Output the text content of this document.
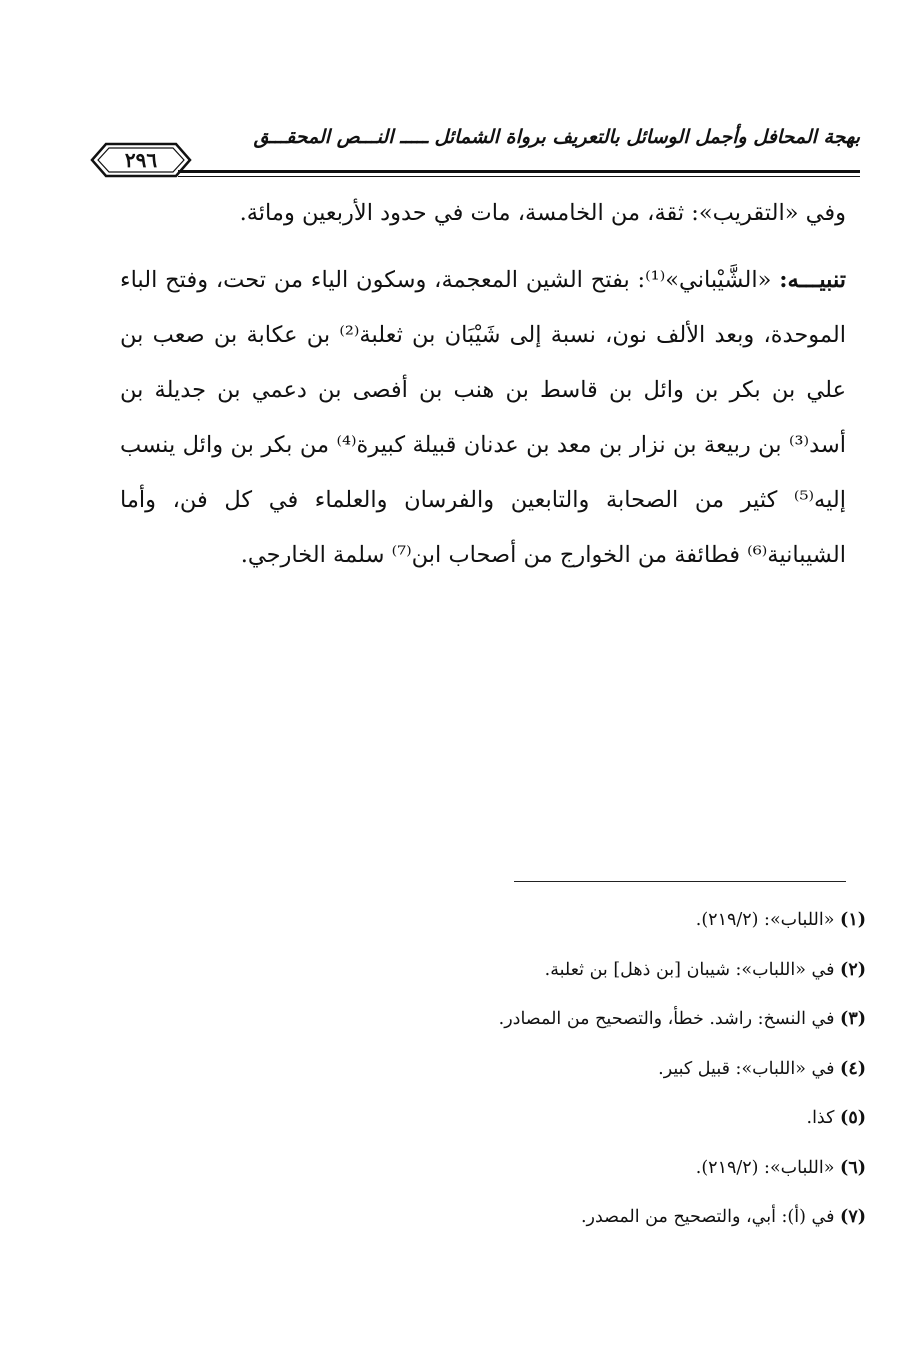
بهجة المحافل وأجمل الوسائل بالتعريف برواة الشمائل ـــــ النـــص المحقـــق
٢٩٦

وفي «التقريب»: ثقة، من الخامسة، مات في حدود الأربعين ومائة.

تنبيـــه: «الشَّيْباني»⁽¹⁾: بفتح الشين المعجمة، وسكون الياء من تحت، وفتح الباء الموحدة، وبعد الألف نون، نسبة إلى شَيْبَان بن ثعلبة⁽²⁾ بن عكابة بن صعب بن علي بن بكر بن وائل بن قاسط بن هنب بن أفصى بن دعمي بن جديلة بن أسد⁽³⁾ بن ربيعة بن نزار بن معد بن عدنان قبيلة كبيرة⁽⁴⁾ من بكر بن وائل ينسب إليه⁽⁵⁾ كثير من الصحابة والتابعين والفرسان والعلماء في كل فن، وأما الشيبانية⁽⁶⁾ فطائفة من الخوارج من أصحاب ابن⁽⁷⁾ سلمة الخارجي.

(١) «اللباب»: (٢١٩/٢).
(٢) في «اللباب»: شيبان [بن ذهل] بن ثعلبة.
(٣) في النسخ: راشد. خطأ، والتصحيح من المصادر.
(٤) في «اللباب»: قبيل كبير.
(٥) كذا.
(٦) «اللباب»: (٢١٩/٢).
(٧) في (أ): أبي، والتصحيح من المصدر.
